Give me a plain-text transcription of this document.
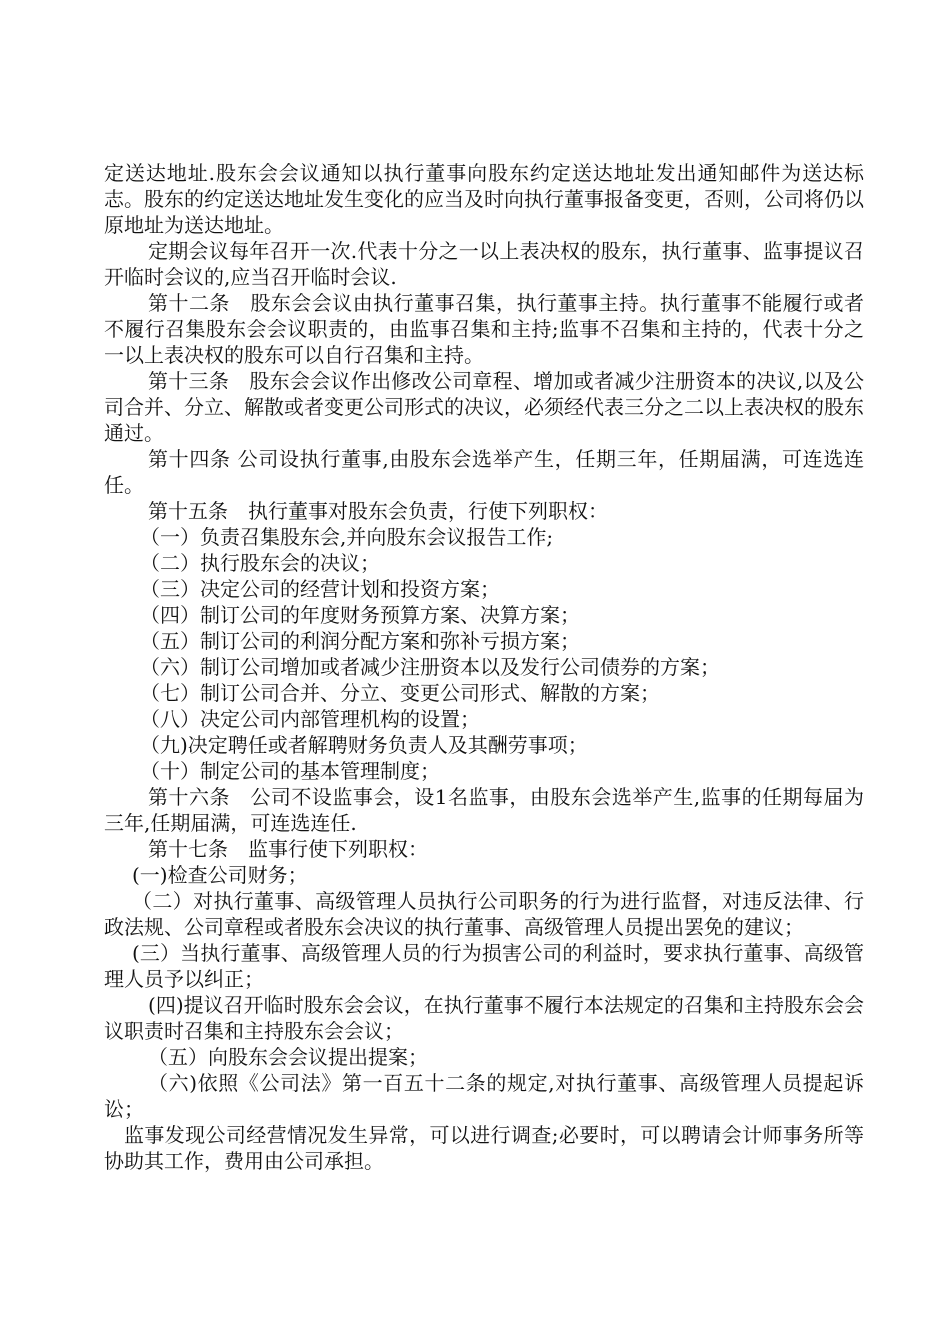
定送达地址.股东会会议通知以执行董事向股东约定送达地址发出通知邮件为送达标志。股东的约定送达地址发生变化的应当及时向执行董事报备变更，否则，公司将仍以原地址为送达地址。

定期会议每年召开一次.代表十分之一以上表决权的股东，执行董事、监事提议召开临时会议的,应当召开临时会议.

第十二条　股东会会议由执行董事召集，执行董事主持。执行董事不能履行或者不履行召集股东会会议职责的，由监事召集和主持;监事不召集和主持的，代表十分之一以上表决权的股东可以自行召集和主持。

第十三条　股东会会议作出修改公司章程、增加或者减少注册资本的决议,以及公司合并、分立、解散或者变更公司形式的决议，必须经代表三分之二以上表决权的股东通过。

第十四条 公司设执行董事,由股东会选举产生，任期三年，任期届满，可连选连任。

第十五条　执行董事对股东会负责，行使下列职权：

（一）负责召集股东会,并向股东会议报告工作;

（二）执行股东会的决议；

（三）决定公司的经营计划和投资方案；

（四）制订公司的年度财务预算方案、决算方案；

（五）制订公司的利润分配方案和弥补亏损方案；

（六）制订公司增加或者减少注册资本以及发行公司债券的方案；

（七）制订公司合并、分立、变更公司形式、解散的方案；

（八）决定公司内部管理机构的设置；

（九)决定聘任或者解聘财务负责人及其酬劳事项；

（十）制定公司的基本管理制度；

第十六条　公司不设监事会，设1名监事，由股东会选举产生,监事的任期每届为三年,任期届满，可连选连任.

第十七条　监事行使下列职权：

(一)检查公司财务；

（二）对执行董事、高级管理人员执行公司职务的行为进行监督，对违反法律、行政法规、公司章程或者股东会决议的执行董事、高级管理人员提出罢免的建议；

(三）当执行董事、高级管理人员的行为损害公司的利益时，要求执行董事、高级管理人员予以纠正；

(四)提议召开临时股东会会议，在执行董事不履行本法规定的召集和主持股东会会议职责时召集和主持股东会会议；

（五）向股东会会议提出提案；

（六)依照《公司法》第一百五十二条的规定,对执行董事、高级管理人员提起诉讼；

监事发现公司经营情况发生异常，可以进行调查;必要时，可以聘请会计师事务所等协助其工作，费用由公司承担。
